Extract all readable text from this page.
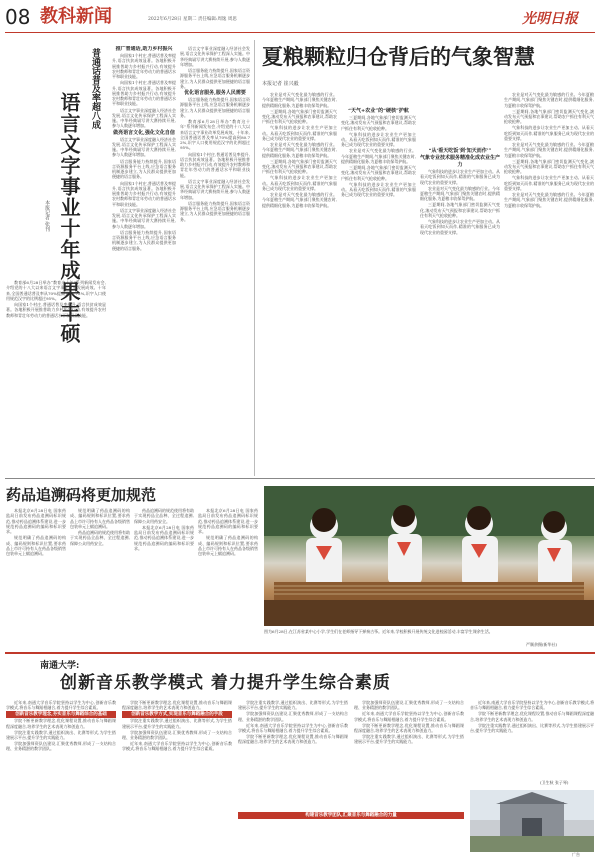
08 教科新闻	2022年6月28日 星期二 责任编辑:周逸 周思	光明日报
普通话普及率超八成
语言文字事业十年成果丰硕
本报记者 张刊
推广普通话,助力乡村振兴

向国家1个村庄,普通话普及率提升,语言扶贫成效显著。各地积极开展推普助力乡村振兴行动,有效提升农村教师和青壮年劳动力的普通话水平和职业技能。

向国家1个村庄,普通话普及率提升,语言扶贫成效显著。各地积极开展推普助力乡村振兴行动,有效提升农村教师和青壮年劳动力的普通话水平和职业技能。

语言文字事业深度融入经济社会发展,语言文化传承保护工程深入实施。中华经典诵写讲大赛持续开展,参与人数逐年增加。

做亮语言文化,强化文化自信

语言文字事业深度融入经济社会发展,语言文化传承保护工程深入实施。中华经典诵写讲大赛持续开展,参与人数逐年增加。

语言服务能力持续提升,国家语言资源服务平台上线,应急语言服务机制逐步建立,为人民群众提供更加便捷的语言服务。

向国家1个村庄,普通话普及率提升,语言扶贫成效显著。各地积极开展推普助力乡村振兴行动,有效提升农村教师和青壮年劳动力的普通话水平和职业技能。

语言文字事业深度融入经济社会发展,语言文化传承保护工程深入实施。中华经典诵写讲大赛持续开展,参与人数逐年增加。

语言服务能力持续提升,国家语言资源服务平台上线,应急语言服务机制逐步建立,为人民群众提供更加便捷的语言服务。

教育部6月28日举办“教育这十年”系列新闻发布会,介绍党的十八大以来语言文字事业改革发展成效。十年来,全国普通话普及率从70%提高到80.72%,识字人口使用规范汉字的比例超过95%。

向国家1个村庄,普通话普及率提升,语言扶贫成效显著。各地积极开展推普助力乡村振兴行动,有效提升农村教师和青壮年劳动力的普通话水平和职业技能。

语言文字事业深度融入经济社会发展,语言文化传承保护工程深入实施。中华经典诵写讲大赛持续开展,参与人数逐年增加。

语言服务能力持续提升,国家语言资源服务平台上线,应急语言服务机制逐步建立,为人民群众提供更加便捷的语言服务。

优化语言服务,服务人民需要

语言服务能力持续提升,国家语言资源服务平台上线,应急语言服务机制逐步建立,为人民群众提供更加便捷的语言服务。

教育部6月28日举办“教育这十年”系列新闻发布会,介绍党的十八大以来语言文字事业改革发展成效。十年来,全国普通话普及率从70%提高到80.72%,识字人口使用规范汉字的比例超过95%。

向国家1个村庄,普通话普及率提升,语言扶贫成效显著。各地积极开展推普助力乡村振兴行动,有效提升农村教师和青壮年劳动力的普通话水平和职业技能。

语言文字事业深度融入经济社会发展,语言文化传承保护工程深入实施。中华经典诵写讲大赛持续开展,参与人数逐年增加。

语言服务能力持续提升,国家语言资源服务平台上线,应急语言服务机制逐步建立,为人民群众提供更加便捷的语言服务。

夏粮颗粒归仓背后的气象智慧
本报记者 崔兴毅

农业是对天气变化最为敏感的行业。今年夏粮生产期间,气象部门聚焦关键农时,提供精细化服务,为夏粮丰收保驾护航。

三夏期间,各地气象部门密切监测天气变化,滚动发布天气预报和农事建议,帮助农户抓住有利天气抢收抢种。

气象科技的进步让农业生产更加主动。从看天吃饭到知天而作,精准的气象服务已成为现代农业的重要支撑。

农业是对天气变化最为敏感的行业。今年夏粮生产期间,气象部门聚焦关键农时,提供精细化服务,为夏粮丰收保驾护航。

三夏期间,各地气象部门密切监测天气变化,滚动发布天气预报和农事建议,帮助农户抓住有利天气抢收抢种。

气象科技的进步让农业生产更加主动。从看天吃饭到知天而作,精准的气象服务已成为现代农业的重要支撑。

农业是对天气变化最为敏感的行业。今年夏粮生产期间,气象部门聚焦关键农时,提供精细化服务,为夏粮丰收保驾护航。

“天气+农业”的“硬核”护航

三夏期间,各地气象部门密切监测天气变化,滚动发布天气预报和农事建议,帮助农户抓住有利天气抢收抢种。

气象科技的进步让农业生产更加主动。从看天吃饭到知天而作,精准的气象服务已成为现代农业的重要支撑。

农业是对天气变化最为敏感的行业。今年夏粮生产期间,气象部门聚焦关键农时,提供精细化服务,为夏粮丰收保驾护航。

三夏期间,各地气象部门密切监测天气变化,滚动发布天气预报和农事建议,帮助农户抓住有利天气抢收抢种。

气象科技的进步让农业生产更加主动。从看天吃饭到知天而作,精准的气象服务已成为现代农业的重要支撑。

“从‘看天吃饭’到‘知天而作’”
气象专业技术服务精准化成农业生产力

气象科技的进步让农业生产更加主动。从看天吃饭到知天而作,精准的气象服务已成为现代农业的重要支撑。

农业是对天气变化最为敏感的行业。今年夏粮生产期间,气象部门聚焦关键农时,提供精细化服务,为夏粮丰收保驾护航。

三夏期间,各地气象部门密切监测天气变化,滚动发布天气预报和农事建议,帮助农户抓住有利天气抢收抢种。

气象科技的进步让农业生产更加主动。从看天吃饭到知天而作,精准的气象服务已成为现代农业的重要支撑。

农业是对天气变化最为敏感的行业。今年夏粮生产期间,气象部门聚焦关键农时,提供精细化服务,为夏粮丰收保驾护航。

三夏期间,各地气象部门密切监测天气变化,滚动发布天气预报和农事建议,帮助农户抓住有利天气抢收抢种。

气象科技的进步让农业生产更加主动。从看天吃饭到知天而作,精准的气象服务已成为现代农业的重要支撑。

农业是对天气变化最为敏感的行业。今年夏粮生产期间,气象部门聚焦关键农时,提供精细化服务,为夏粮丰收保驾护航。

三夏期间,各地气象部门密切监测天气变化,滚动发布天气预报和农事建议,帮助农户抓住有利天气抢收抢种。

气象科技的进步让农业生产更加主动。从看天吃饭到知天而作,精准的气象服务已成为现代农业的重要支撑。

农业是对天气变化最为敏感的行业。今年夏粮生产期间,气象部门聚焦关键农时,提供精细化服务,为夏粮丰收保驾护航。

药品追溯码将更加规范

本报北京6月28日电 国家药监局日前发布药品追溯码标识规范,推动药品追溯体系建设,进一步规范药品追溯码的编码和标识要求。

规范明确了药品追溯码的构成、编码规则和标识位置,要求药品上市许可持有人在药品各级销售包装单元上赋追溯码。

规范明确了药品追溯码的构成、编码规则和标识位置,要求药品上市许可持有人在药品各级销售包装单元上赋追溯码。

药品追溯码的规范使用将有助于实现药品全品种、全过程追溯,保障公众用药安全。

药品追溯码的规范使用将有助于实现药品全品种、全过程追溯,保障公众用药安全。

本报北京6月28日电 国家药监局日前发布药品追溯码标识规范,推动药品追溯体系建设,进一步规范药品追溯码的编码和标识要求。

本报北京6月28日电 国家药监局日前发布药品追溯码标识规范,推动药品追溯体系建设,进一步规范药品追溯码的编码和标识要求。

规范明确了药品追溯码的构成、编码规则和标识位置,要求药品上市许可持有人在药品各级销售包装单元上赋追溯码。

图为6月28日,在江苏省某中心小学,学生们在老师指导下弹奏古筝。近年来,学校积极开展传统文化进校园活动,丰富学生课余生活。
严顺余摄(新华社)
南通大学:
创新音乐教学模式 着力提升学生综合素质

近年来,南通大学音乐学院坚持以学生为中心,创新音乐教学模式,将音乐与舞蹈相融合,着力提升学生综合素质。

创新音乐教学理念,夯实音乐与舞蹈综合的基础

学院不断更新教学理念,优化课程设置,推动音乐与舞蹈课程深度融合,培养学生的艺术表现力和创造力。

学院注重实践教学,通过组织演出、比赛等形式,为学生搭建展示平台,提升学生的实践能力。

学院加强师资队伍建设,汇聚优秀教师,形成了一支结构合理、业务精湛的教学团队。

学院不断更新教学理念,优化课程设置,推动音乐与舞蹈课程深度融合,培养学生的艺术表现力和创造力。

创新音乐教学方式,实现音乐与舞蹈融合的手段

学院注重实践教学,通过组织演出、比赛等形式,为学生搭建展示平台,提升学生的实践能力。

学院加强师资队伍建设,汇聚优秀教师,形成了一支结构合理、业务精湛的教学团队。

近年来,南通大学音乐学院坚持以学生为中心,创新音乐教学模式,将音乐与舞蹈相融合,着力提升学生综合素质。

学院注重实践教学,通过组织演出、比赛等形式,为学生搭建展示平台,提升学生的实践能力。

学院加强师资队伍建设,汇聚优秀教师,形成了一支结构合理、业务精湛的教学团队。

近年来,南通大学音乐学院坚持以学生为中心,创新音乐教学模式,将音乐与舞蹈相融合,着力提升学生综合素质。

学院不断更新教学理念,优化课程设置,推动音乐与舞蹈课程深度融合,培养学生的艺术表现力和创造力。

学院加强师资队伍建设,汇聚优秀教师,形成了一支结构合理、业务精湛的教学团队。

近年来,南通大学音乐学院坚持以学生为中心,创新音乐教学模式,将音乐与舞蹈相融合,着力提升学生综合素质。

学院不断更新教学理念,优化课程设置,推动音乐与舞蹈课程深度融合,培养学生的艺术表现力和创造力。

学院注重实践教学,通过组织演出、比赛等形式,为学生搭建展示平台,提升学生的实践能力。

近年来,南通大学音乐学院坚持以学生为中心,创新音乐教学模式,将音乐与舞蹈相融合,着力提升学生综合素质。

学院不断更新教学理念,优化课程设置,推动音乐与舞蹈课程深度融合,培养学生的艺术表现力和创造力。

学院注重实践教学,通过组织演出、比赛等形式,为学生搭建展示平台,提升学生的实践能力。

(卫生秋 张子琴)
构建音乐教学团队,汇聚音乐与舞蹈融合的力量
广告
